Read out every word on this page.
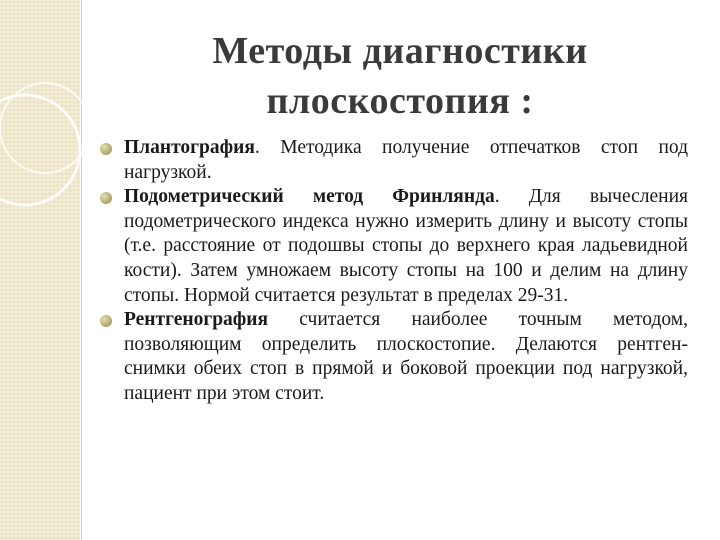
Методы диагностики
плоскостопия :
Плантография. Методика получение отпечатков стоп под нагрузкой.
Подометрический метод Фринлянда. Для вычесления подометрического индекса нужно измерить длину и высоту стопы (т.е. расстояние от подошвы стопы до верхнего края ладьевидной кости). Затем умножаем высоту стопы на 100 и делим на длину стопы. Нормой считается результат в пределах 29-31.
Рентгенография считается наиболее точным методом, позволяющим определить плоскостопие. Делаются рентген-снимки обеих стоп в прямой и боковой проекции под нагрузкой, пациент при этом стоит.
